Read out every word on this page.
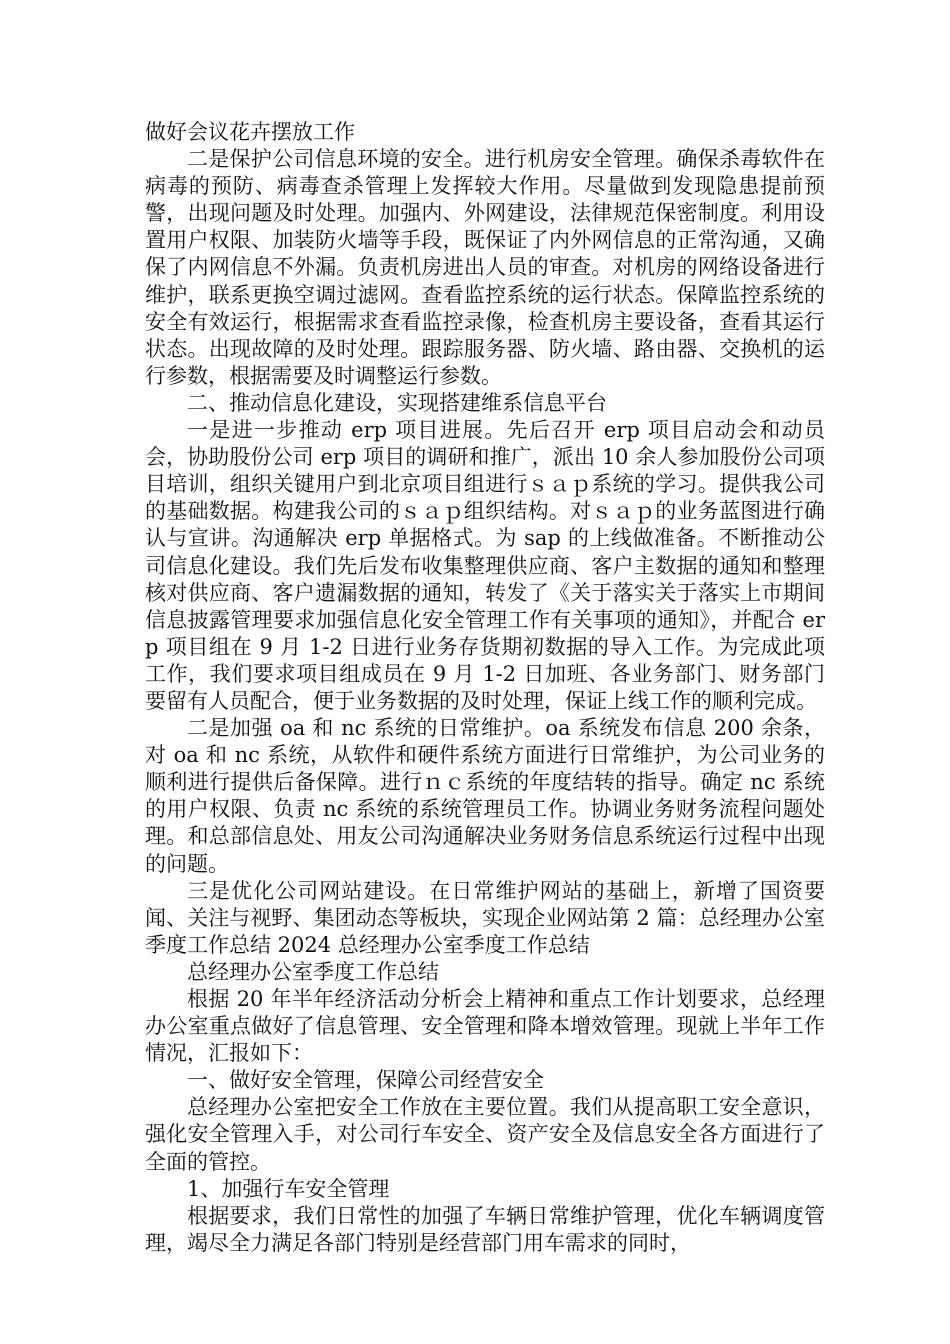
做好会议花卉摆放工作

二是保护公司信息环境的安全。进行机房安全管理。确保杀毒软件在病毒的预防、病毒查杀管理上发挥较大作用。尽量做到发现隐患提前预警，出现问题及时处理。加强内、外网建设，法律规范保密制度。利用设置用户权限、加装防火墙等手段，既保证了内外网信息的正常沟通，又确保了内网信息不外漏。负责机房进出人员的审查。对机房的网络设备进行维护，联系更换空调过滤网。查看监控系统的运行状态。保障监控系统的安全有效运行，根据需求查看监控录像，检查机房主要设备，查看其运行状态。出现故障的及时处理。跟踪服务器、防火墙、路由器、交换机的运行参数，根据需要及时调整运行参数。

二、推动信息化建设，实现搭建维系信息平台

一是进一步推动 erp 项目进展。先后召开 erp 项目启动会和动员会，协助股份公司 erp 项目的调研和推广，派出 10 余人参加股份公司项目培训，组织关键用户到北京项目组进行ｓａｐ系统的学习。提供我公司的基础数据。构建我公司的ｓａｐ组织结构。对ｓａｐ的业务蓝图进行确认与宣讲。沟通解决 erp 单据格式。为 sap 的上线做准备。不断推动公司信息化建设。我们先后发布收集整理供应商、客户主数据的通知和整理核对供应商、客户遗漏数据的通知，转发了《关于落实关于落实上市期间信息披露管理要求加强信息化安全管理工作有关事项的通知》，并配合 erp 项目组在 9 月 1-2 日进行业务存货期初数据的导入工作。为完成此项工作，我们要求项目组成员在 9 月 1-2 日加班、各业务部门、财务部门要留有人员配合，便于业务数据的及时处理，保证上线工作的顺利完成。

二是加强 oa 和 nc 系统的日常维护。oa 系统发布信息 200 余条，对 oa 和 nc 系统，从软件和硬件系统方面进行日常维护，为公司业务的顺利进行提供后备保障。进行ｎｃ系统的年度结转的指导。确定 nc 系统的用户权限、负责 nc 系统的系统管理员工作。协调业务财务流程问题处理。和总部信息处、用友公司沟通解决业务财务信息系统运行过程中出现的问题。

三是优化公司网站建设。在日常维护网站的基础上，新增了国资要闻、关注与视野、集团动态等板块，实现企业网站第 2 篇：总经理办公室季度工作总结 2024 总经理办公室季度工作总结

总经理办公室季度工作总结

根据 20 年半年经济活动分析会上精神和重点工作计划要求，总经理办公室重点做好了信息管理、安全管理和降本增效管理。现就上半年工作情况，汇报如下：

一、做好安全管理，保障公司经营安全

总经理办公室把安全工作放在主要位置。我们从提高职工安全意识，强化安全管理入手，对公司行车安全、资产安全及信息安全各方面进行了全面的管控。

1、加强行车安全管理

根据要求，我们日常性的加强了车辆日常维护管理，优化车辆调度管理，竭尽全力满足各部门特别是经营部门用车需求的同时，
